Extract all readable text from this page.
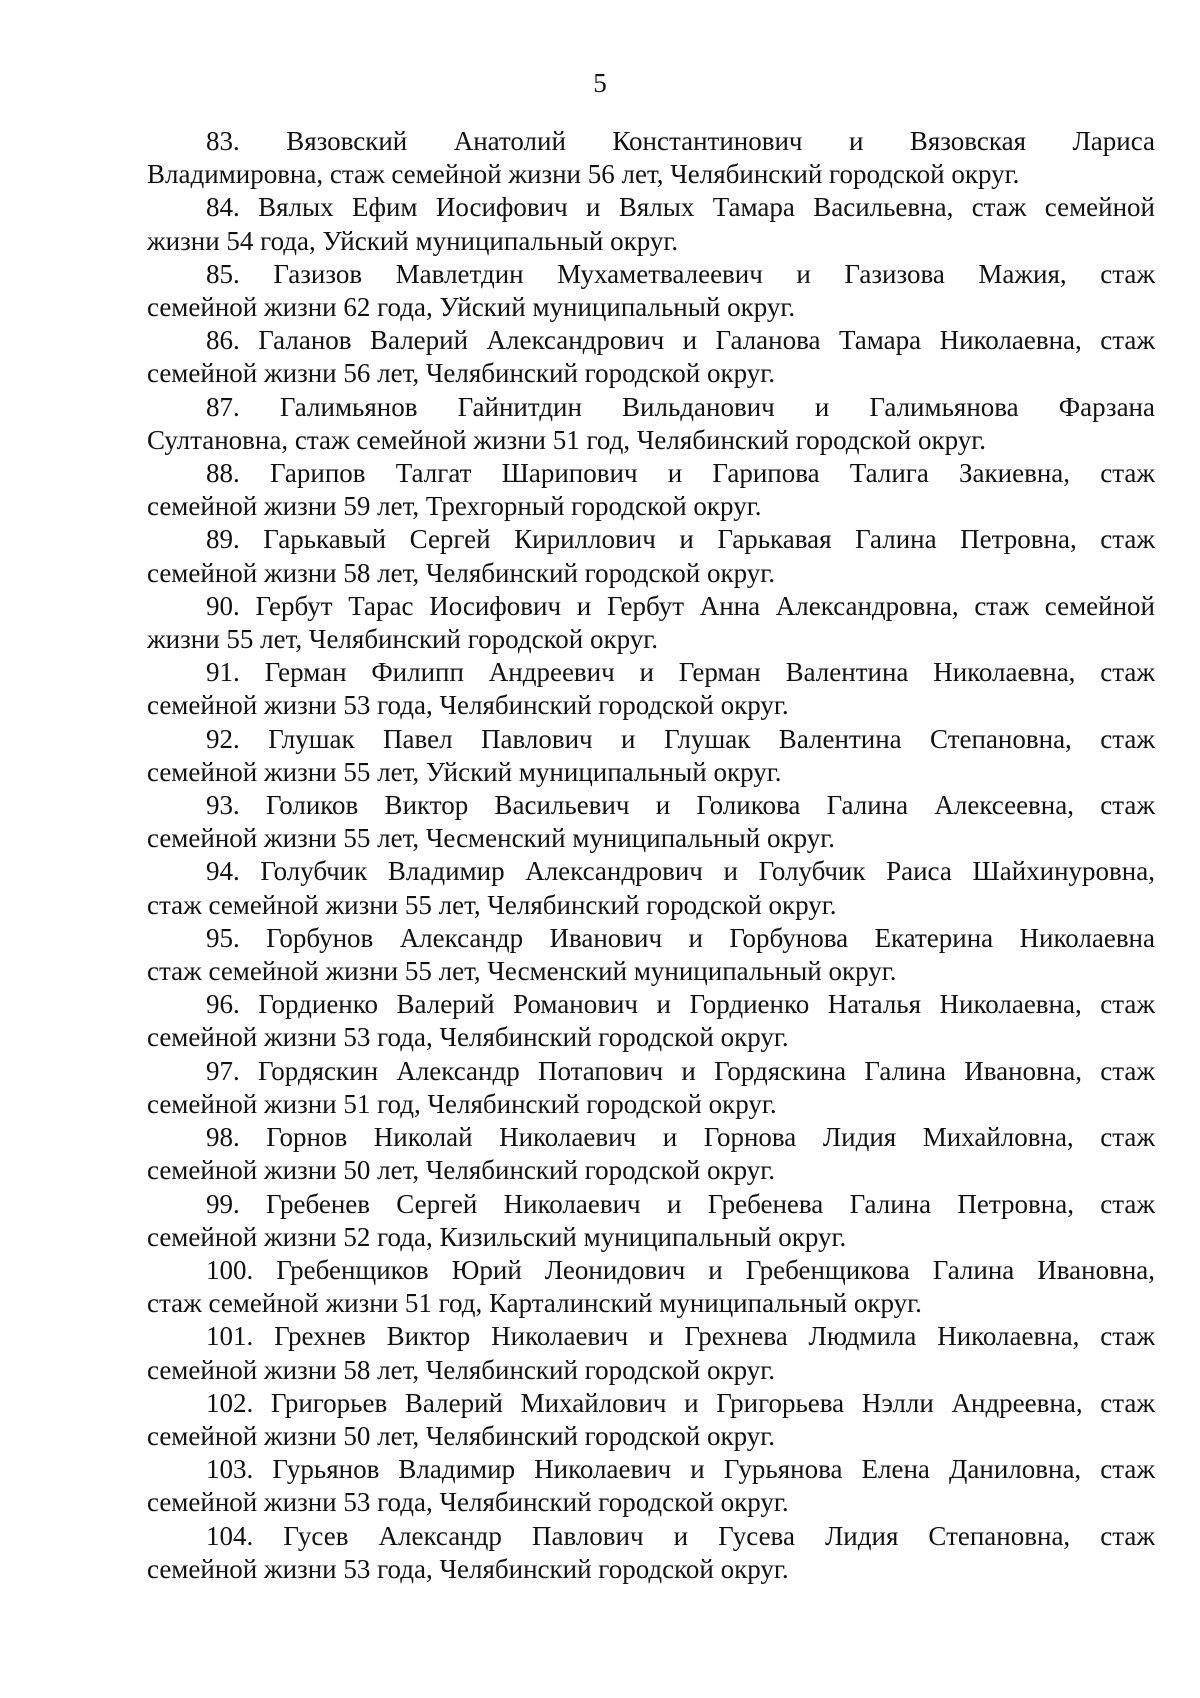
5

83. Вязовский Анатолий Константинович и Вязовская Лариса
Владимировна, стаж семейной жизни 56 лет, Челябинский городской округ.

84. Вялых Ефим Иосифович и Вялых Тамара Васильевна, стаж семейной
жизни 54 года, Уйский муниципальный округ.

85. Газизов Мавлетдин Мухаметвалеевич и Газизова Мажия, стаж
семейной жизни 62 года, Уйский муниципальный округ.

86. Галанов Валерий Александрович и Галанова Тамара Николаевна, стаж
семейной жизни 56 лет, Челябинский городской округ.

87. Галимьянов Гайнитдин Вильданович и Галимьянова Фарзана
Султановна, стаж семейной жизни 51 год, Челябинский городской округ.

88. Гарипов Талгат Шарипович и Гарипова Талига Закиевна, стаж
семейной жизни 59 лет, Трехгорный городской округ.

89. Гарькавый Сергей Кириллович и Гарькавая Галина Петровна, стаж
семейной жизни 58 лет, Челябинский городской округ.

90. Гербут Тарас Иосифович и Гербут Анна Александровна, стаж семейной
жизни 55 лет, Челябинский городской округ.

91. Герман Филипп Андреевич и Герман Валентина Николаевна, стаж
семейной жизни 53 года, Челябинский городской округ.

92. Глушак Павел Павлович и Глушак Валентина Степановна, стаж
семейной жизни 55 лет, Уйский муниципальный округ.

93. Голиков Виктор Васильевич и Голикова Галина Алексеевна, стаж
семейной жизни 55 лет, Чесменский муниципальный округ.

94. Голубчик Владимир Александрович и Голубчик Раиса Шайхинуровна,
стаж семейной жизни 55 лет, Челябинский городской округ.

95. Горбунов Александр Иванович и Горбунова Екатерина Николаевна
стаж семейной жизни 55 лет, Чесменский муниципальный округ.

96. Гордиенко Валерий Романович и Гордиенко Наталья Николаевна, стаж
семейной жизни 53 года, Челябинский городской округ.

97. Гордяскин Александр Потапович и Гордяскина Галина Ивановна, стаж
семейной жизни 51 год, Челябинский городской округ.

98. Горнов Николай Николаевич и Горнова Лидия Михайловна, стаж
семейной жизни 50 лет, Челябинский городской округ.

99. Гребенев Сергей Николаевич и Гребенева Галина Петровна, стаж
семейной жизни 52 года, Кизильский муниципальный округ.

100. Гребенщиков Юрий Леонидович и Гребенщикова Галина Ивановна,
стаж семейной жизни 51 год, Карталинский муниципальный округ.

101. Грехнев Виктор Николаевич и Грехнева Людмила Николаевна, стаж
семейной жизни 58 лет, Челябинский городской округ.

102. Григорьев Валерий Михайлович и Григорьева Нэлли Андреевна, стаж
семейной жизни 50 лет, Челябинский городской округ.

103. Гурьянов Владимир Николаевич и Гурьянова Елена Даниловна, стаж
семейной жизни 53 года, Челябинский городской округ.

104. Гусев Александр Павлович и Гусева Лидия Степановна, стаж
семейной жизни 53 года, Челябинский городской округ.
